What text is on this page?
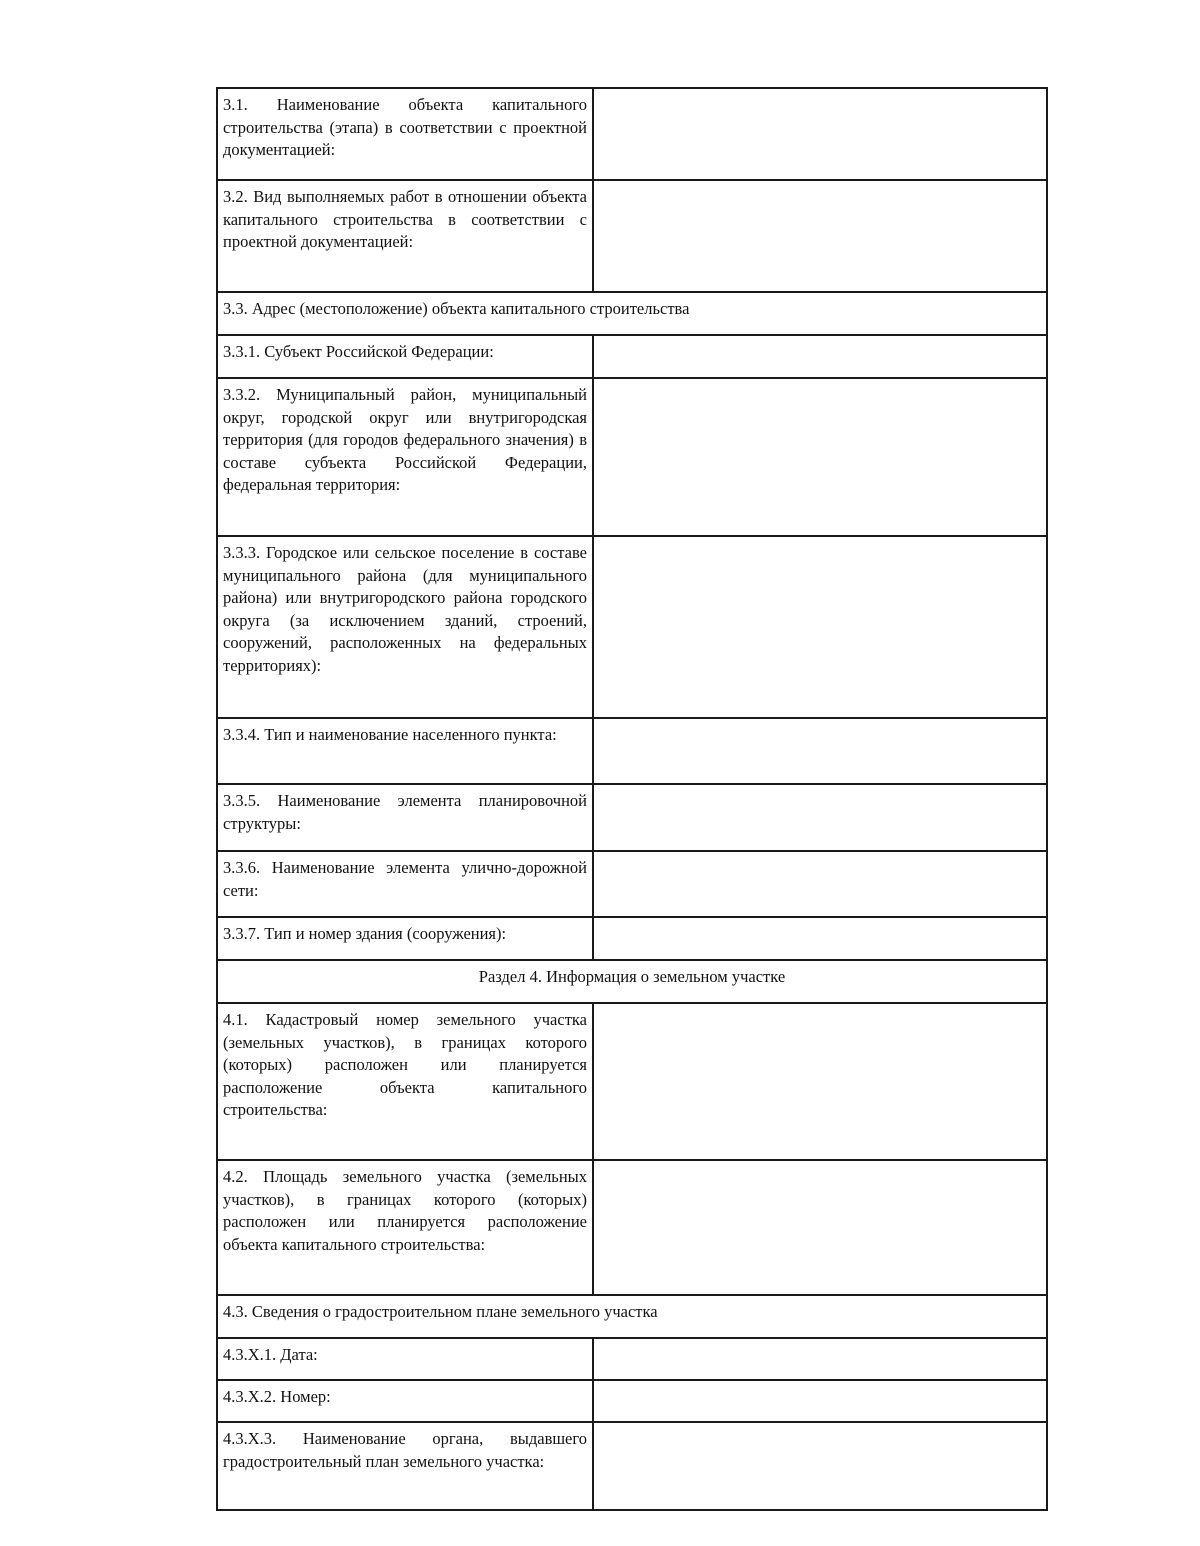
3.1. Наименование объекта капитального строительства (этапа) в соответствии с проектной документацией:	
3.2. Вид выполняемых работ в отношении объекта капитального строительства в соответствии с проектной документацией:	
3.3. Адрес (местоположение) объекта капитального строительства	
3.3.1. Субъект Российской Федерации:	
3.3.2. Муниципальный район, муниципальный округ, городской округ или внутригородская территория (для городов федерального значения) в составе субъекта Российской Федерации, федеральная территория:	
3.3.3. Городское или сельское поселение в составе муниципального района (для муниципального района) или внутригородского района городского округа (за исключением зданий, строений, сооружений, расположенных на федеральных территориях):	
3.3.4. Тип и наименование населенного пункта:	
3.3.5. Наименование элемента планировочной структуры:	
3.3.6. Наименование элемента улично-дорожной сети:	
3.3.7. Тип и номер здания (сооружения):	
Раздел 4. Информация о земельном участке	
4.1. Кадастровый номер земельного участка (земельных участков), в границах которого (которых) расположен или планируется расположение объекта капитального строительства:	
4.2. Площадь земельного участка (земельных участков), в границах которого (которых) расположен или планируется расположение объекта капитального строительства:	
4.3. Сведения о градостроительном плане земельного участка	
4.3.Х.1. Дата:	
4.3.Х.2. Номер:	
4.3.Х.3. Наименование органа, выдавшего градостроительный план земельного участка:	
